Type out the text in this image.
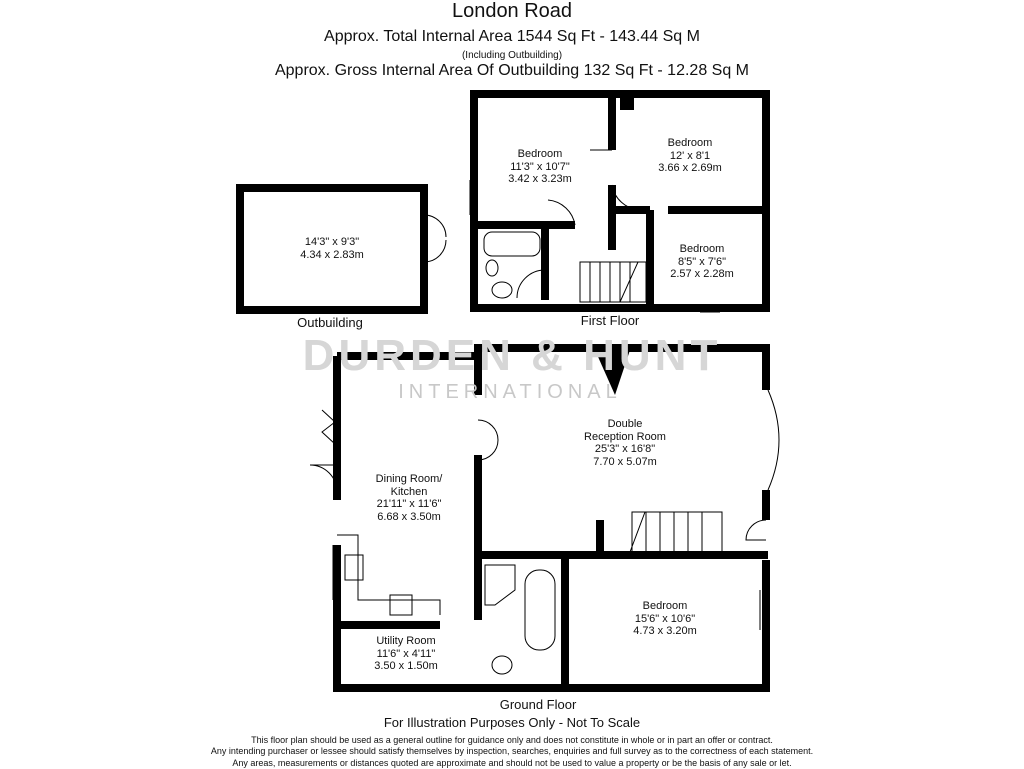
London Road
Approx. Total Internal Area 1544 Sq Ft - 143.44 Sq M
(Including Outbuilding)
Approx. Gross Internal Area Of Outbuilding 132 Sq Ft - 12.28 Sq M
DURDEN & HUNT
INTERNATIONAL
14'3" x 9'3"
4.34 x 2.83m
Outbuilding
Bedroom
11'3" x 10'7"
3.42 x 3.23m
Bedroom
12' x 8'1
3.66 x 2.69m
Bedroom
8'5" x 7'6"
2.57 x 2.28m
First Floor
Double
Reception Room
25'3" x 16'8"
7.70 x 5.07m
Dining Room/
Kitchen
21'11" x 11'6"
6.68 x 3.50m
Bedroom
15'6" x 10'6"
4.73 x 3.20m
Utility Room
11'6" x 4'11"
3.50 x 1.50m
Ground Floor
For Illustration Purposes Only - Not To Scale
This floor plan should be used as a general outline for guidance only and does not constitute in whole or in part an offer or contract.
Any intending purchaser or lessee should satisfy themselves by inspection, searches, enquiries and full survey as to the correctness of each statement.
Any areas, measurements or distances quoted are approximate and should not be used to value a property or be the basis of any sale or let.
